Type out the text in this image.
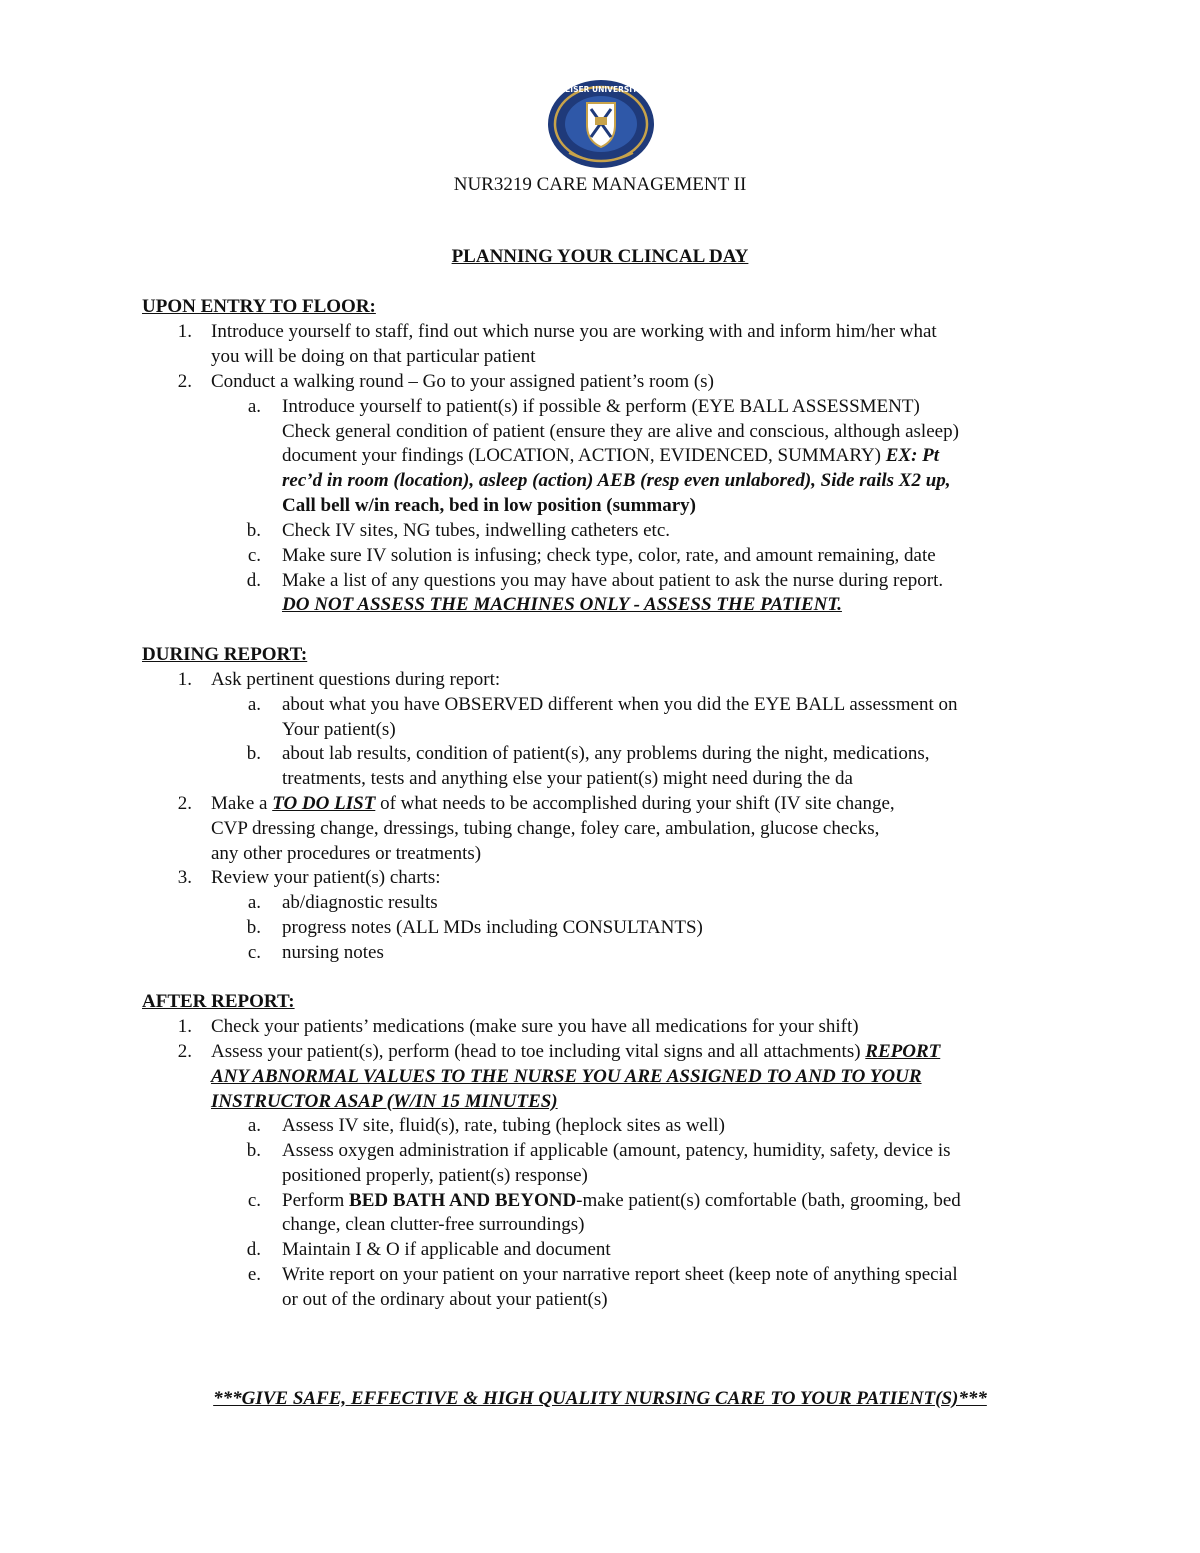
KEISER UNIVERSITY
NUR3219 CARE MANAGEMENT II
PLANNING YOUR CLINCAL DAY
UPON ENTRY TO FLOOR:
1. Introduce yourself to staff, find out which nurse you are working with and inform him/her what
you will be doing on that particular patient
2. Conduct a walking round – Go to your assigned patient’s room (s)
a. Introduce yourself to patient(s) if possible & perform (EYE BALL ASSESSMENT)
Check general condition of patient (ensure they are alive and conscious, although asleep)
document your findings (LOCATION, ACTION, EVIDENCED, SUMMARY) EX: Pt
rec’d in room (location), asleep (action) AEB (resp even unlabored), Side rails X2 up,
Call bell w/in reach, bed in low position (summary)
b. Check IV sites, NG tubes, indwelling catheters etc.
c. Make sure IV solution is infusing; check type, color, rate, and amount remaining, date
d. Make a list of any questions you may have about patient to ask the nurse during report.
DO NOT ASSESS THE MACHINES ONLY - ASSESS THE PATIENT.
DURING REPORT:
1. Ask pertinent questions during report:
a. about what you have OBSERVED different when you did the EYE BALL assessment on
Your patient(s)
b. about lab results, condition of patient(s), any problems during the night, medications,
treatments, tests and anything else your patient(s) might need during the da
2. Make a TO DO LIST of what needs to be accomplished during your shift (IV site change,
CVP dressing change, dressings, tubing change, foley care, ambulation, glucose checks,
any other procedures or treatments)
3. Review your patient(s) charts:
a. ab/diagnostic results
b. progress notes (ALL MDs including CONSULTANTS)
c. nursing notes
AFTER REPORT:
1. Check your patients’ medications (make sure you have all medications for your shift)
2. Assess your patient(s), perform (head to toe including vital signs and all attachments) REPORT
ANY ABNORMAL VALUES TO THE NURSE YOU ARE ASSIGNED TO AND TO YOUR
INSTRUCTOR ASAP (W/IN 15 MINUTES)
a. Assess IV site, fluid(s), rate, tubing (heplock sites as well)
b. Assess oxygen administration if applicable (amount, patency, humidity, safety, device is
positioned properly, patient(s) response)
c. Perform BED BATH AND BEYOND-make patient(s) comfortable (bath, grooming, bed
change, clean clutter-free surroundings)
d. Maintain I & O if applicable and document
e. Write report on your patient on your narrative report sheet (keep note of anything special
or out of the ordinary about your patient(s)
***GIVE SAFE, EFFECTIVE & HIGH QUALITY NURSING CARE TO YOUR PATIENT(S)***
